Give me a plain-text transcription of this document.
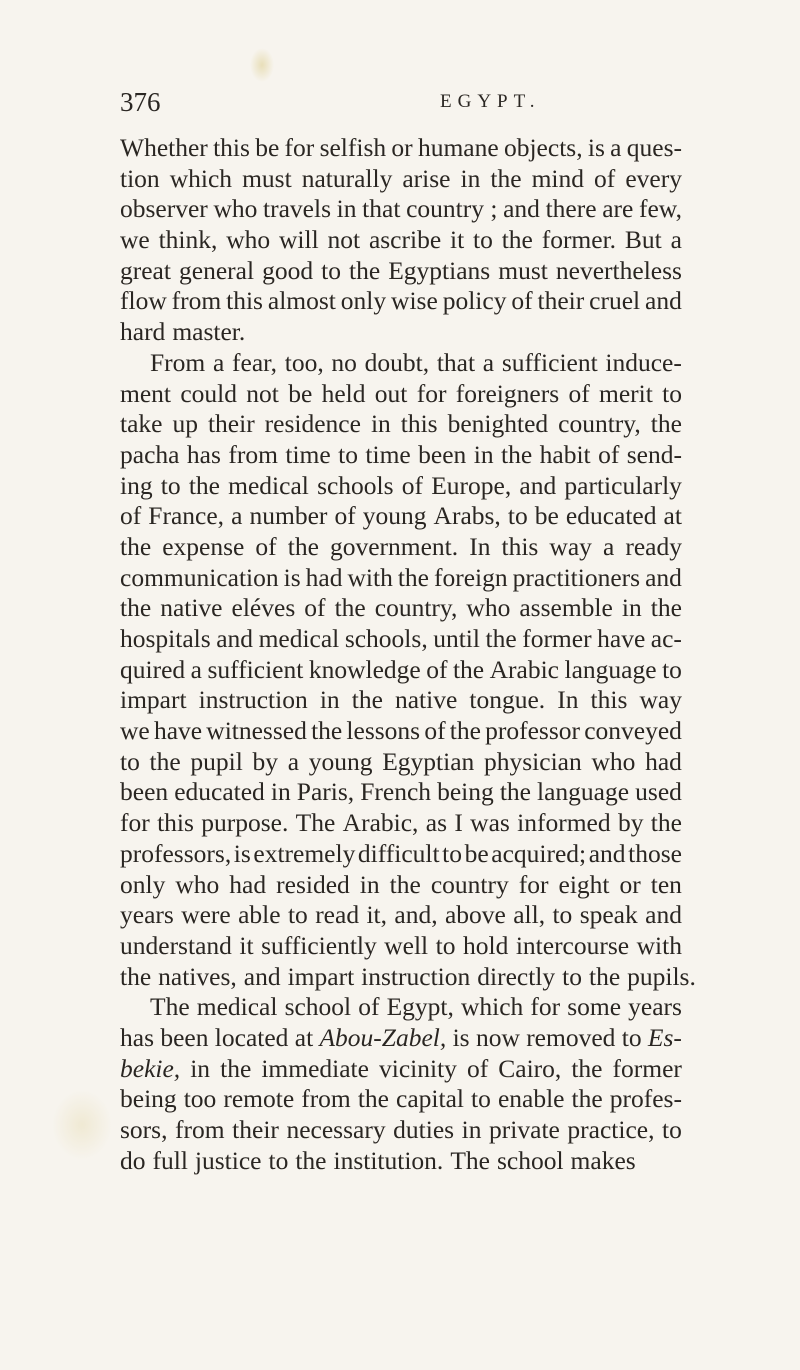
376	EGYPT.
Whether this be for selfish or humane objects, is a ques-
tion which must naturally arise in the mind of every
observer who travels in that country ; and there are few,
we think, who will not ascribe it to the former. But a
great general good to the Egyptians must nevertheless
flow from this almost only wise policy of their cruel and
hard master.
From a fear, too, no doubt, that a sufficient induce-
ment could not be held out for foreigners of merit to
take up their residence in this benighted country, the
pacha has from time to time been in the habit of send-
ing to the medical schools of Europe, and particularly
of France, a number of young Arabs, to be educated at
the expense of the government. In this way a ready
communication is had with the foreign practitioners and
the native eléves of the country, who assemble in the
hospitals and medical schools, until the former have ac-
quired a sufficient knowledge of the Arabic language to
impart instruction in the native tongue. In this way
we have witnessed the lessons of the professor conveyed
to the pupil by a young Egyptian physician who had
been educated in Paris, French being the language used
for this purpose. The Arabic, as I was informed by the
professors, is extremely difficult to be acquired; and those
only who had resided in the country for eight or ten
years were able to read it, and, above all, to speak and
understand it sufficiently well to hold intercourse with
the natives, and impart instruction directly to the pupils.
The medical school of Egypt, which for some years
has been located at Abou-Zabel, is now removed to Es-
bekie, in the immediate vicinity of Cairo, the former
being too remote from the capital to enable the profes-
sors, from their necessary duties in private practice, to
do full justice to the institution. The school makes
